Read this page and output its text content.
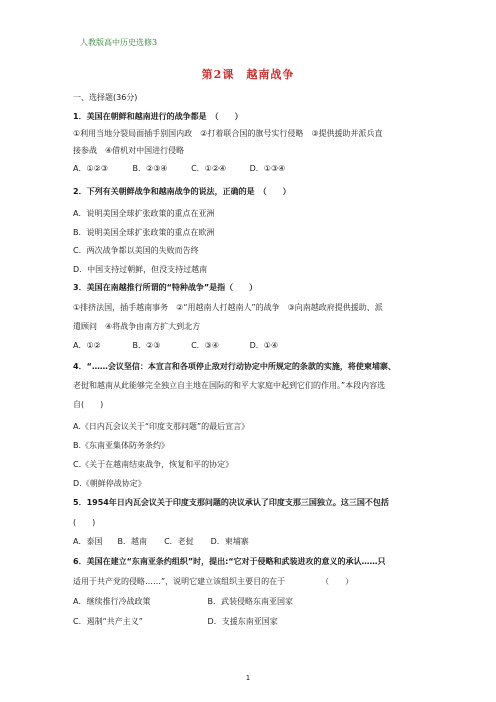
人教版高中历史选修3
第2课　越南战争
一、选择题(36分)
1．美国在朝鲜和越南进行的战争都是　（　　）
①利用当地分裂局面插手别国内政　②打着联合国的旗号实行侵略　③提供援助并派兵直
接参战　④借机对中国进行侵略
A．①②③	B．②③④	C．①②④	D．①③④
2．下列有关朝鲜战争和越南战争的说法，正确的是　（　　）
A．说明美国全球扩张政策的重点在亚洲
B．说明美国全球扩张政策的重点在欧洲
C．两次战争都以美国的失败而告终
D．中国支持过朝鲜，但没支持过越南
3．美国在南越推行所谓的“特种战争”是指（　　）
①排挤法国，插手越南事务　②“用越南人打越南人”的战争　③向南越政府提供援助、派
遣顾问　④将战争由南方扩大到北方
A．①②	B．②③	C．③④	D．①④
4．“……会议坚信：本宣言和各项停止敌对行动协定中所规定的条款的实施，将使柬埔寨、
老挝和越南从此能够完全独立自主地在国际的和平大家庭中起到它们的作用。”本段内容选
自(　　)
A.《日内瓦会议关于“印度支那问题”的最后宣言》
B.《东南亚集体防务条约》
C.《关于在越南结束战争，恢复和平的协定》
D.《朝鲜停战协定》
5．1954年日内瓦会议关于印度支那问题的决议承认了印度支那三国独立。这三国不包括
(　　)
A．泰国 B．越南 C．老挝 D．柬埔寨
6．美国在建立“东南亚条约组织”时，提出:“它对于侵略和武装进攻的意义的承认……只
适用于共产党的侵略……”，说明它建立该组织主要目的在于　　　　　（　　）
A．继续推行冷战政策	B．武装侵略东南亚国家
C．遏制“共产主义”	D．支援东南亚国家
1
